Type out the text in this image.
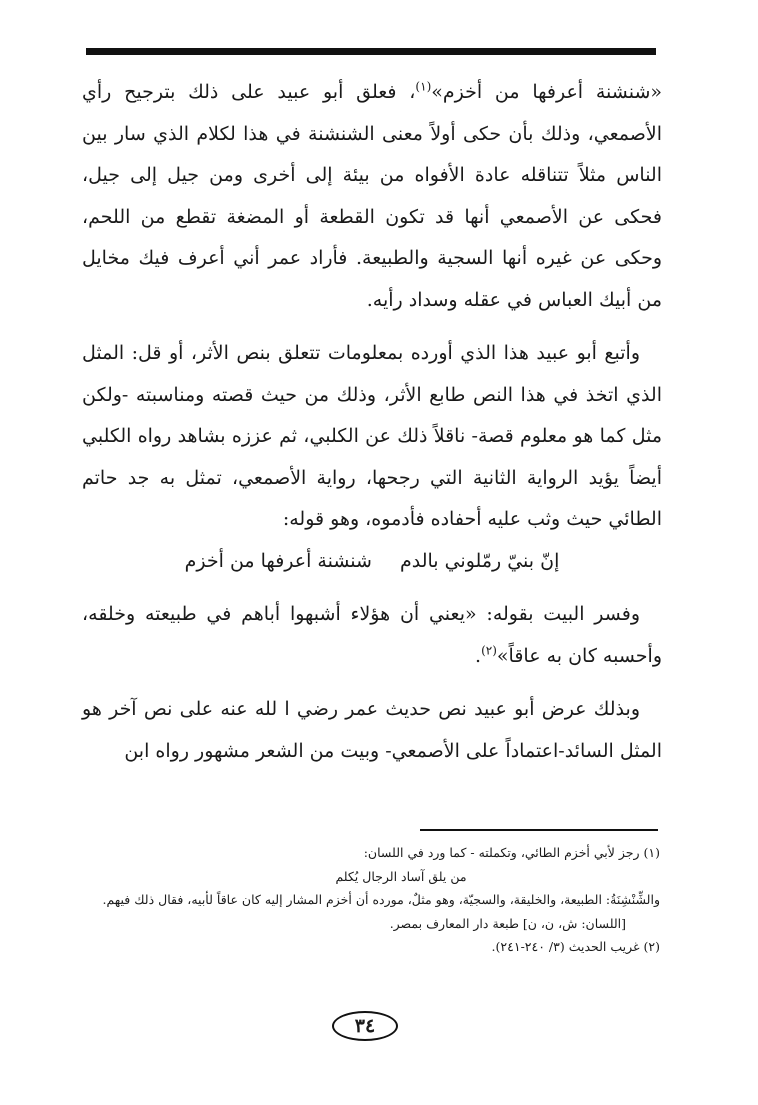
«شنشنة أعرفها من أخزم»$^{(١)}$، فعلق أبو عبيد على ذلك بترجيح رأي الأصمعي، وذلك بأن حكى أولاً معنى الشنشنة في هذا لكلام الذي سار بين الناس مثلاً تتناقله عادة الأفواه من بيئة إلى أخرى ومن جيل إلى جيل، فحكى عن الأصمعي أنها قد تكون القطعة أو المضغة تقطع من اللحم، وحكى عن غيره أنها السجية والطبيعة. فأراد عمر أني أعرف فيك مخايل من أبيك العباس في عقله وسداد رأيه.

وأتبع أبو عبيد هذا الذي أورده بمعلومات تتعلق بنص الأثر، أو قل: المثل الذي اتخذ في هذا النص طابع الأثر، وذلك من حيث قصته ومناسبته -ولكن مثل كما هو معلوم قصة- ناقلاً ذلك عن الكلبي، ثم عززه بشاهد رواه الكلبي أيضاً يؤيد الرواية الثانية التي رجحها، رواية الأصمعي، تمثل به جد حاتم الطائي حيث وثب عليه أحفاده فأدموه، وهو قوله:

إنّ بنيّ رمّلوني بالدم
شنشنة أعرفها من أخزم

وفسر البيت بقوله: «يعني أن هؤلاء أشبهوا أباهم في طبيعته وخلقه، وأحسبه كان به عاقاً»$^{(٢)}$.

وبذلك عرض أبو عبيد نص حديث عمر رضي ا لله عنه على نص آخر هو المثل السائد-اعتماداً على الأصمعي- وبيت من الشعر مشهور رواه ابن

(١) رجز لأبي أخزم الطائي، وتكملته - كما ورد في اللسان:

من يلق آساد الرجال يُكلم

والشِّنْشِنَةُ: الطبيعة، والخليقة، والسجيّة، وهو مثلٌ، مورده أن أخزم المشار إليه كان عاقاً لأبيه، فقال ذلك فيهم.

[اللسان: ش، ن، ن] طبعة دار المعارف بمصر.

(٢) غريب الحديث (٣/ ٢٤٠-٢٤١).

٣٤
